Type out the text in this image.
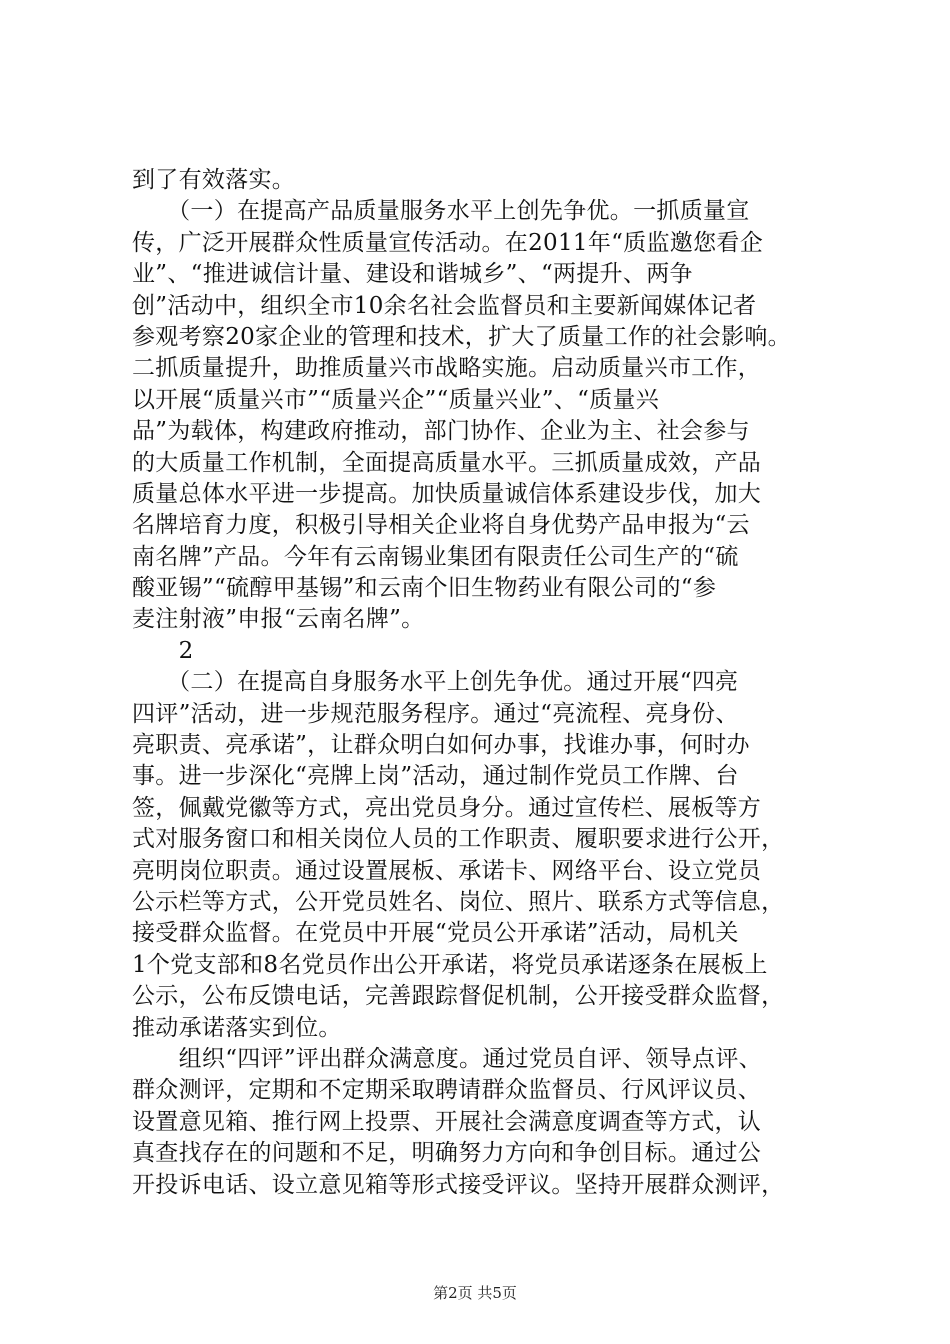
到了有效落实。
　　（一）在提高产品质量服务水平上创先争优。一抓质量宣
传，广泛开展群众性质量宣传活动。在2011年“质监邀您看企
业”、“推进诚信计量、建设和谐城乡”、“两提升、两争
创”活动中，组织全市10余名社会监督员和主要新闻媒体记者
参观考察20家企业的管理和技术，扩大了质量工作的社会影响。
二抓质量提升，助推质量兴市战略实施。启动质量兴市工作，
以开展“质量兴市”“质量兴企”“质量兴业”、“质量兴
品”为载体，构建政府推动，部门协作、企业为主、社会参与
的大质量工作机制，全面提高质量水平。三抓质量成效，产品
质量总体水平进一步提高。加快质量诚信体系建设步伐，加大
名牌培育力度，积极引导相关企业将自身优势产品申报为“云
南名牌”产品。今年有云南锡业集团有限责任公司生产的“硫
酸亚锡”“硫醇甲基锡”和云南个旧生物药业有限公司的“参
麦注射液”申报“云南名牌”。
　　2
　　（二）在提高自身服务水平上创先争优。通过开展“四亮
四评”活动，进一步规范服务程序。通过“亮流程、亮身份、
亮职责、亮承诺”，让群众明白如何办事，找谁办事，何时办
事。进一步深化“亮牌上岗”活动，通过制作党员工作牌、台
签，佩戴党徽等方式，亮出党员身分。通过宣传栏、展板等方
式对服务窗口和相关岗位人员的工作职责、履职要求进行公开，
亮明岗位职责。通过设置展板、承诺卡、网络平台、设立党员
公示栏等方式，公开党员姓名、岗位、照片、联系方式等信息，
接受群众监督。在党员中开展“党员公开承诺”活动，局机关
1个党支部和8名党员作出公开承诺，将党员承诺逐条在展板上
公示，公布反馈电话，完善跟踪督促机制，公开接受群众监督，
推动承诺落实到位。
　　组织“四评”评出群众满意度。通过党员自评、领导点评、
群众测评，定期和不定期采取聘请群众监督员、行风评议员、
设置意见箱、推行网上投票、开展社会满意度调查等方式，认
真查找存在的问题和不足，明确努力方向和争创目标。通过公
开投诉电话、设立意见箱等形式接受评议。坚持开展群众测评，
第2页 共5页
